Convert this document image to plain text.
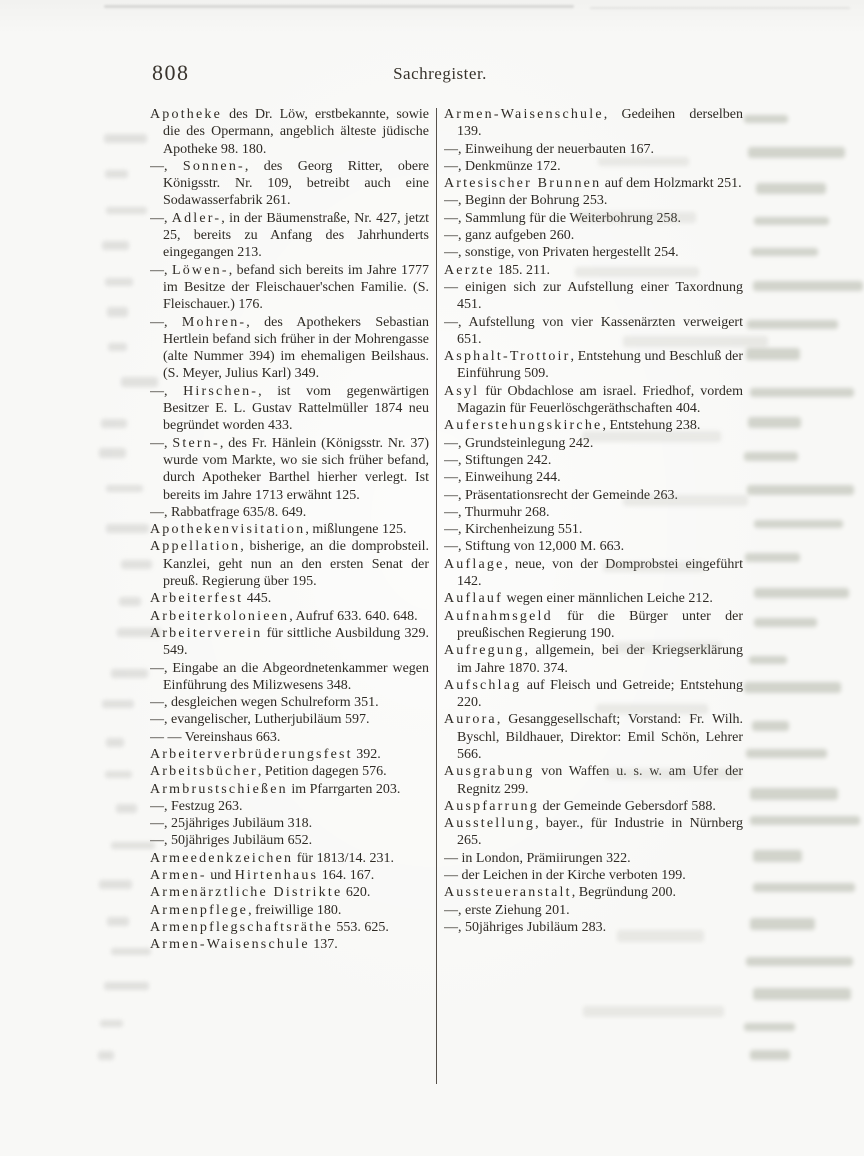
808	Sachregister.

Apotheke des Dr. Löw, erstbekannte, sowie die des Opermann, angeblich älteste jüdische Apotheke 98. 180.

—, Sonnen-, des Georg Ritter, obere Königsstr. Nr. 109, betreibt auch eine Sodawasserfabrik 261.

—, Adler-, in der Bäumenstraße, Nr. 427, jetzt 25, bereits zu Anfang des Jahrhunderts eingegangen 213.

—, Löwen-, befand sich bereits im Jahre 1777 im Besitze der Fleischauer'schen Familie. (S. Fleischauer.) 176.

—, Mohren-, des Apothekers Sebastian Hertlein befand sich früher in der Mohrengasse (alte Nummer 394) im ehemaligen Beilshaus. (S. Meyer, Julius Karl) 349.

—, Hirschen-, ist vom gegenwärtigen Besitzer E. L. Gustav Rattelmüller 1874 neu begründet worden 433.

—, Stern-, des Fr. Hänlein (Königsstr. Nr. 37) wurde vom Markte, wo sie sich früher befand, durch Apotheker Barthel hierher verlegt. Ist bereits im Jahre 1713 erwähnt 125.

—, Rabbatfrage 635/8. 649.

Apothekenvisitation, mißlungene 125.

Appellation, bisherige, an die domprobsteil. Kanzlei, geht nun an den ersten Senat der preuß. Regierung über 195.

Arbeiterfest 445.

Arbeiterkolonieen, Aufruf 633. 640. 648.

Arbeiterverein für sittliche Ausbildung 329. 549.

—, Eingabe an die Abgeordnetenkammer wegen Einführung des Milizwesens 348.

—, desgleichen wegen Schulreform 351.

—, evangelischer, Lutherjubiläum 597.

— — Vereinshaus 663.

Arbeiterverbrüderungsfest 392.

Arbeitsbücher, Petition dagegen 576.

Armbrustschießen im Pfarrgarten 203.

—, Festzug 263.

—, 25jähriges Jubiläum 318.

—, 50jähriges Jubiläum 652.

Armeedenkzeichen für 1813/14. 231.

Armen- und Hirtenhaus 164. 167.

Armenärztliche Distrikte 620.

Armenpflege, freiwillige 180.

Armenpflegschaftsräthe 553. 625.

Armen-Waisenschule 137.

Armen-Waisenschule, Gedeihen derselben 139.

—, Einweihung der neuerbauten 167.

—, Denkmünze 172.

Artesischer Brunnen auf dem Holzmarkt 251.

—, Beginn der Bohrung 253.

—, Sammlung für die Weiterbohrung 258.

—, ganz aufgeben 260.

—, sonstige, von Privaten hergestellt 254.

Aerzte 185. 211.

— einigen sich zur Aufstellung einer Taxordnung 451.

—, Aufstellung von vier Kassenärzten verweigert 651.

Asphalt-Trottoir, Entstehung und Beschluß der Einführung 509.

Asyl für Obdachlose am israel. Friedhof, vordem Magazin für Feuerlöschgeräthschaften 404.

Auferstehungskirche, Entstehung 238.

—, Grundsteinlegung 242.

—, Stiftungen 242.

—, Einweihung 244.

—, Präsentationsrecht der Gemeinde 263.

—, Thurmuhr 268.

—, Kirchenheizung 551.

—, Stiftung von 12,000 M. 663.

Auflage, neue, von der Domprobstei eingeführt 142.

Auflauf wegen einer männlichen Leiche 212.

Aufnahmsgeld für die Bürger unter der preußischen Regierung 190.

Aufregung, allgemein, bei der Kriegserklärung im Jahre 1870. 374.

Aufschlag auf Fleisch und Getreide; Entstehung 220.

Aurora, Gesanggesellschaft; Vorstand: Fr. Wilh. Byschl, Bildhauer, Direktor: Emil Schön, Lehrer 566.

Ausgrabung von Waffen u. s. w. am Ufer der Regnitz 299.

Auspfarrung der Gemeinde Gebersdorf 588.

Ausstellung, bayer., für Industrie in Nürnberg 265.

— in London, Prämiirungen 322.

— der Leichen in der Kirche verboten 199.

Aussteueranstalt, Begründung 200.

—, erste Ziehung 201.

—, 50jähriges Jubiläum 283.
